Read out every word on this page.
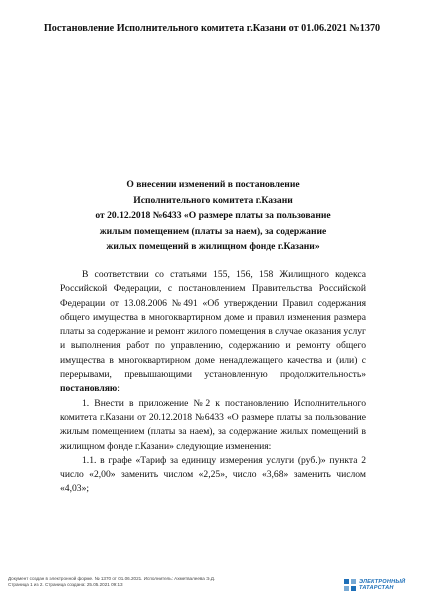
Постановление Исполнительного комитета г.Казани от 01.06.2021 №1370
О внесении изменений в постановление
Исполнительного комитета г.Казани
от 20.12.2018 №6433 «О размере платы за пользование
жилым помещением (платы за наем), за содержание
жилых помещений в жилищном фонде г.Казани»

В соответствии со статьями 155, 156, 158 Жилищного кодекса Российской Федерации, с постановлением Правительства Российской Федерации от 13.08.2006 №491 «Об утверждении Правил содержания общего имущества в многоквартирном доме и правил изменения размера платы за содержание и ремонт жилого помещения в случае оказания услуг и выполнения работ по управлению, содержанию и ремонту общего имущества в многоквартирном доме ненадлежащего качества и (или) с перерывами, превышающими установленную продолжительность» постановляю:

1. Внести в приложение №2 к постановлению Исполнительного комитета г.Казани от 20.12.2018 №6433 «О размере платы за пользование жилым помещением (платы за наем), за содержание жилых помещений в жилищном фонде г.Казани» следующие изменения:

1.1. в графе «Тариф за единицу измерения услуги (руб.)» пункта 2 число «2,00» заменить числом «2,25», число «3,68» заменить числом «4,03»;

Документ создан в электронной форме. № 1370 от 01.06.2021. Исполнитель: Ахметвалеева Э.Д.
Страница 1 из 2. Страница создана: 25.05.2021 09:13
ЭЛЕКТРОННЫЙ
ТАТАРСТАН
